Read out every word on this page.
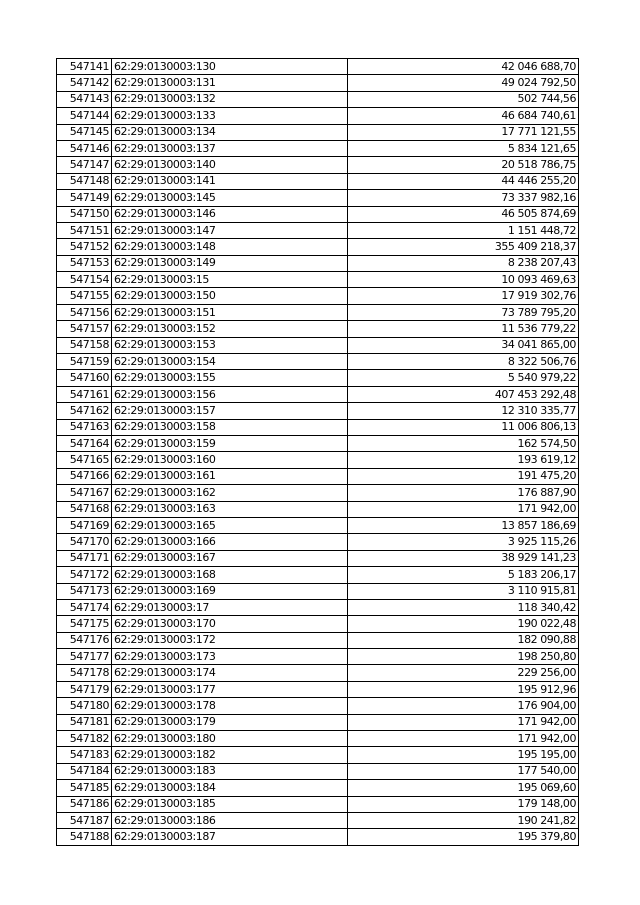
547141	62:29:0130003:130	42 046 688,70
547142	62:29:0130003:131	49 024 792,50
547143	62:29:0130003:132	502 744,56
547144	62:29:0130003:133	46 684 740,61
547145	62:29:0130003:134	17 771 121,55
547146	62:29:0130003:137	5 834 121,65
547147	62:29:0130003:140	20 518 786,75
547148	62:29:0130003:141	44 446 255,20
547149	62:29:0130003:145	73 337 982,16
547150	62:29:0130003:146	46 505 874,69
547151	62:29:0130003:147	1 151 448,72
547152	62:29:0130003:148	355 409 218,37
547153	62:29:0130003:149	8 238 207,43
547154	62:29:0130003:15	10 093 469,63
547155	62:29:0130003:150	17 919 302,76
547156	62:29:0130003:151	73 789 795,20
547157	62:29:0130003:152	11 536 779,22
547158	62:29:0130003:153	34 041 865,00
547159	62:29:0130003:154	8 322 506,76
547160	62:29:0130003:155	5 540 979,22
547161	62:29:0130003:156	407 453 292,48
547162	62:29:0130003:157	12 310 335,77
547163	62:29:0130003:158	11 006 806,13
547164	62:29:0130003:159	162 574,50
547165	62:29:0130003:160	193 619,12
547166	62:29:0130003:161	191 475,20
547167	62:29:0130003:162	176 887,90
547168	62:29:0130003:163	171 942,00
547169	62:29:0130003:165	13 857 186,69
547170	62:29:0130003:166	3 925 115,26
547171	62:29:0130003:167	38 929 141,23
547172	62:29:0130003:168	5 183 206,17
547173	62:29:0130003:169	3 110 915,81
547174	62:29:0130003:17	118 340,42
547175	62:29:0130003:170	190 022,48
547176	62:29:0130003:172	182 090,88
547177	62:29:0130003:173	198 250,80
547178	62:29:0130003:174	229 256,00
547179	62:29:0130003:177	195 912,96
547180	62:29:0130003:178	176 904,00
547181	62:29:0130003:179	171 942,00
547182	62:29:0130003:180	171 942,00
547183	62:29:0130003:182	195 195,00
547184	62:29:0130003:183	177 540,00
547185	62:29:0130003:184	195 069,60
547186	62:29:0130003:185	179 148,00
547187	62:29:0130003:186	190 241,82
547188	62:29:0130003:187	195 379,80
